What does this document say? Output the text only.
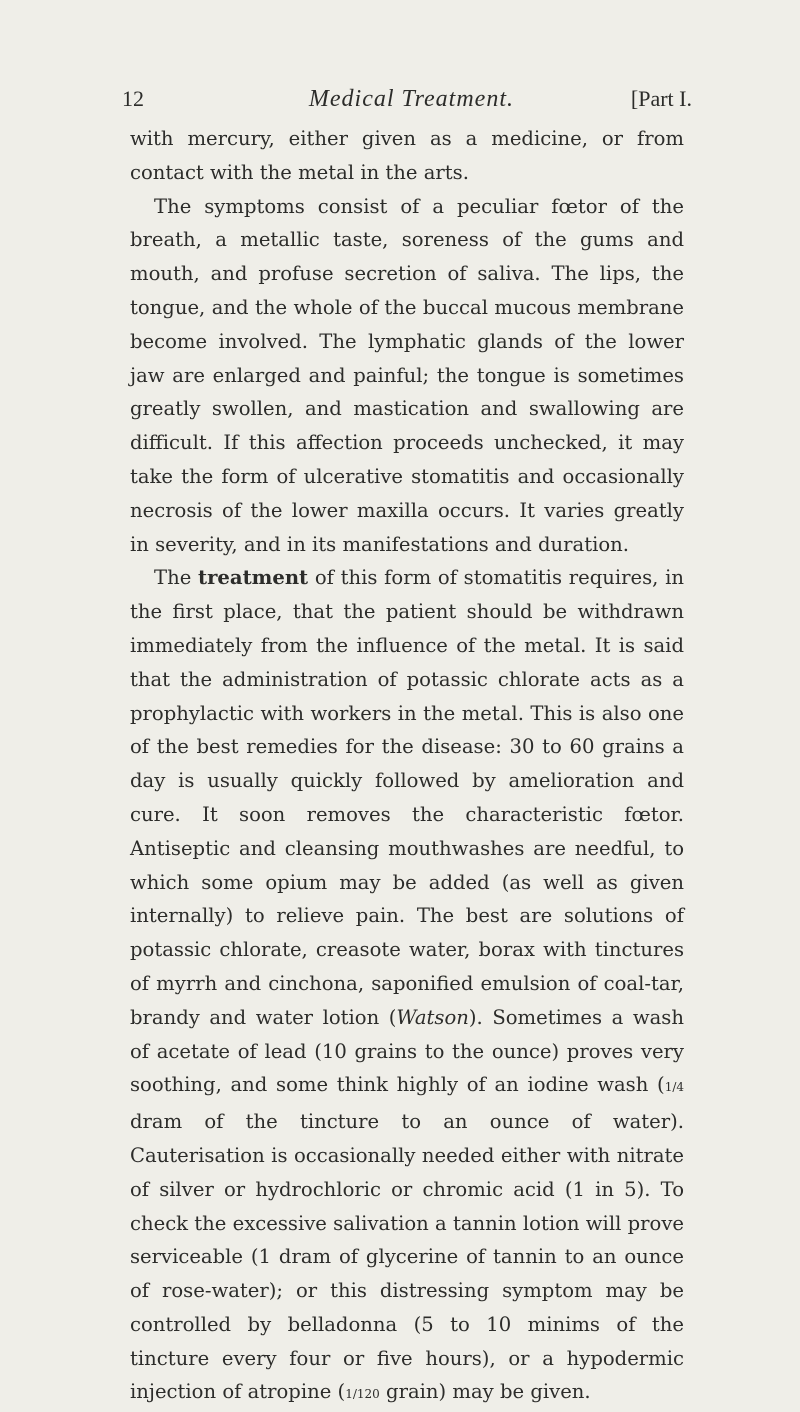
12	Medical Treatment.	[Part I.

with mercury, either given as a medicine, or from contact with the metal in the arts.

The symptoms consist of a peculiar fœtor of the breath, a metallic taste, soreness of the gums and mouth, and profuse secretion of saliva. The lips, the tongue, and the whole of the buccal mucous membrane become involved. The lymphatic glands of the lower jaw are enlarged and painful; the tongue is sometimes greatly swollen, and mastication and swallowing are difficult. If this affection proceeds unchecked, it may take the form of ulcerative stomatitis and occasionally necrosis of the lower maxilla occurs. It varies greatly in severity, and in its manifestations and duration.

The treatment of this form of stomatitis requires, in the first place, that the patient should be withdrawn immediately from the influence of the metal. It is said that the administration of potassic chlorate acts as a prophylactic with workers in the metal. This is also one of the best remedies for the disease: 30 to 60 grains a day is usually quickly followed by amelioration and cure. It soon removes the characteristic fœtor. Antiseptic and cleansing mouthwashes are needful, to which some opium may be added (as well as given internally) to relieve pain. The best are solutions of potassic chlorate, creasote water, borax with tinctures of myrrh and cinchona, saponified emulsion of coal-tar, brandy and water lotion (Watson). Sometimes a wash of acetate of lead (10 grains to the ounce) proves very soothing, and some think highly of an iodine wash (1/4 dram of the tincture to an ounce of water). Cauterisation is occasionally needed either with nitrate of silver or hydrochloric or chromic acid (1 in 5). To check the excessive salivation a tannin lotion will prove serviceable (1 dram of glycerine of tannin to an ounce of rose-water); or this distressing symptom may be controlled by belladonna (5 to 10 minims of the tincture every four or five hours), or a hypodermic injection of atropine (1/120 grain) may be given.
